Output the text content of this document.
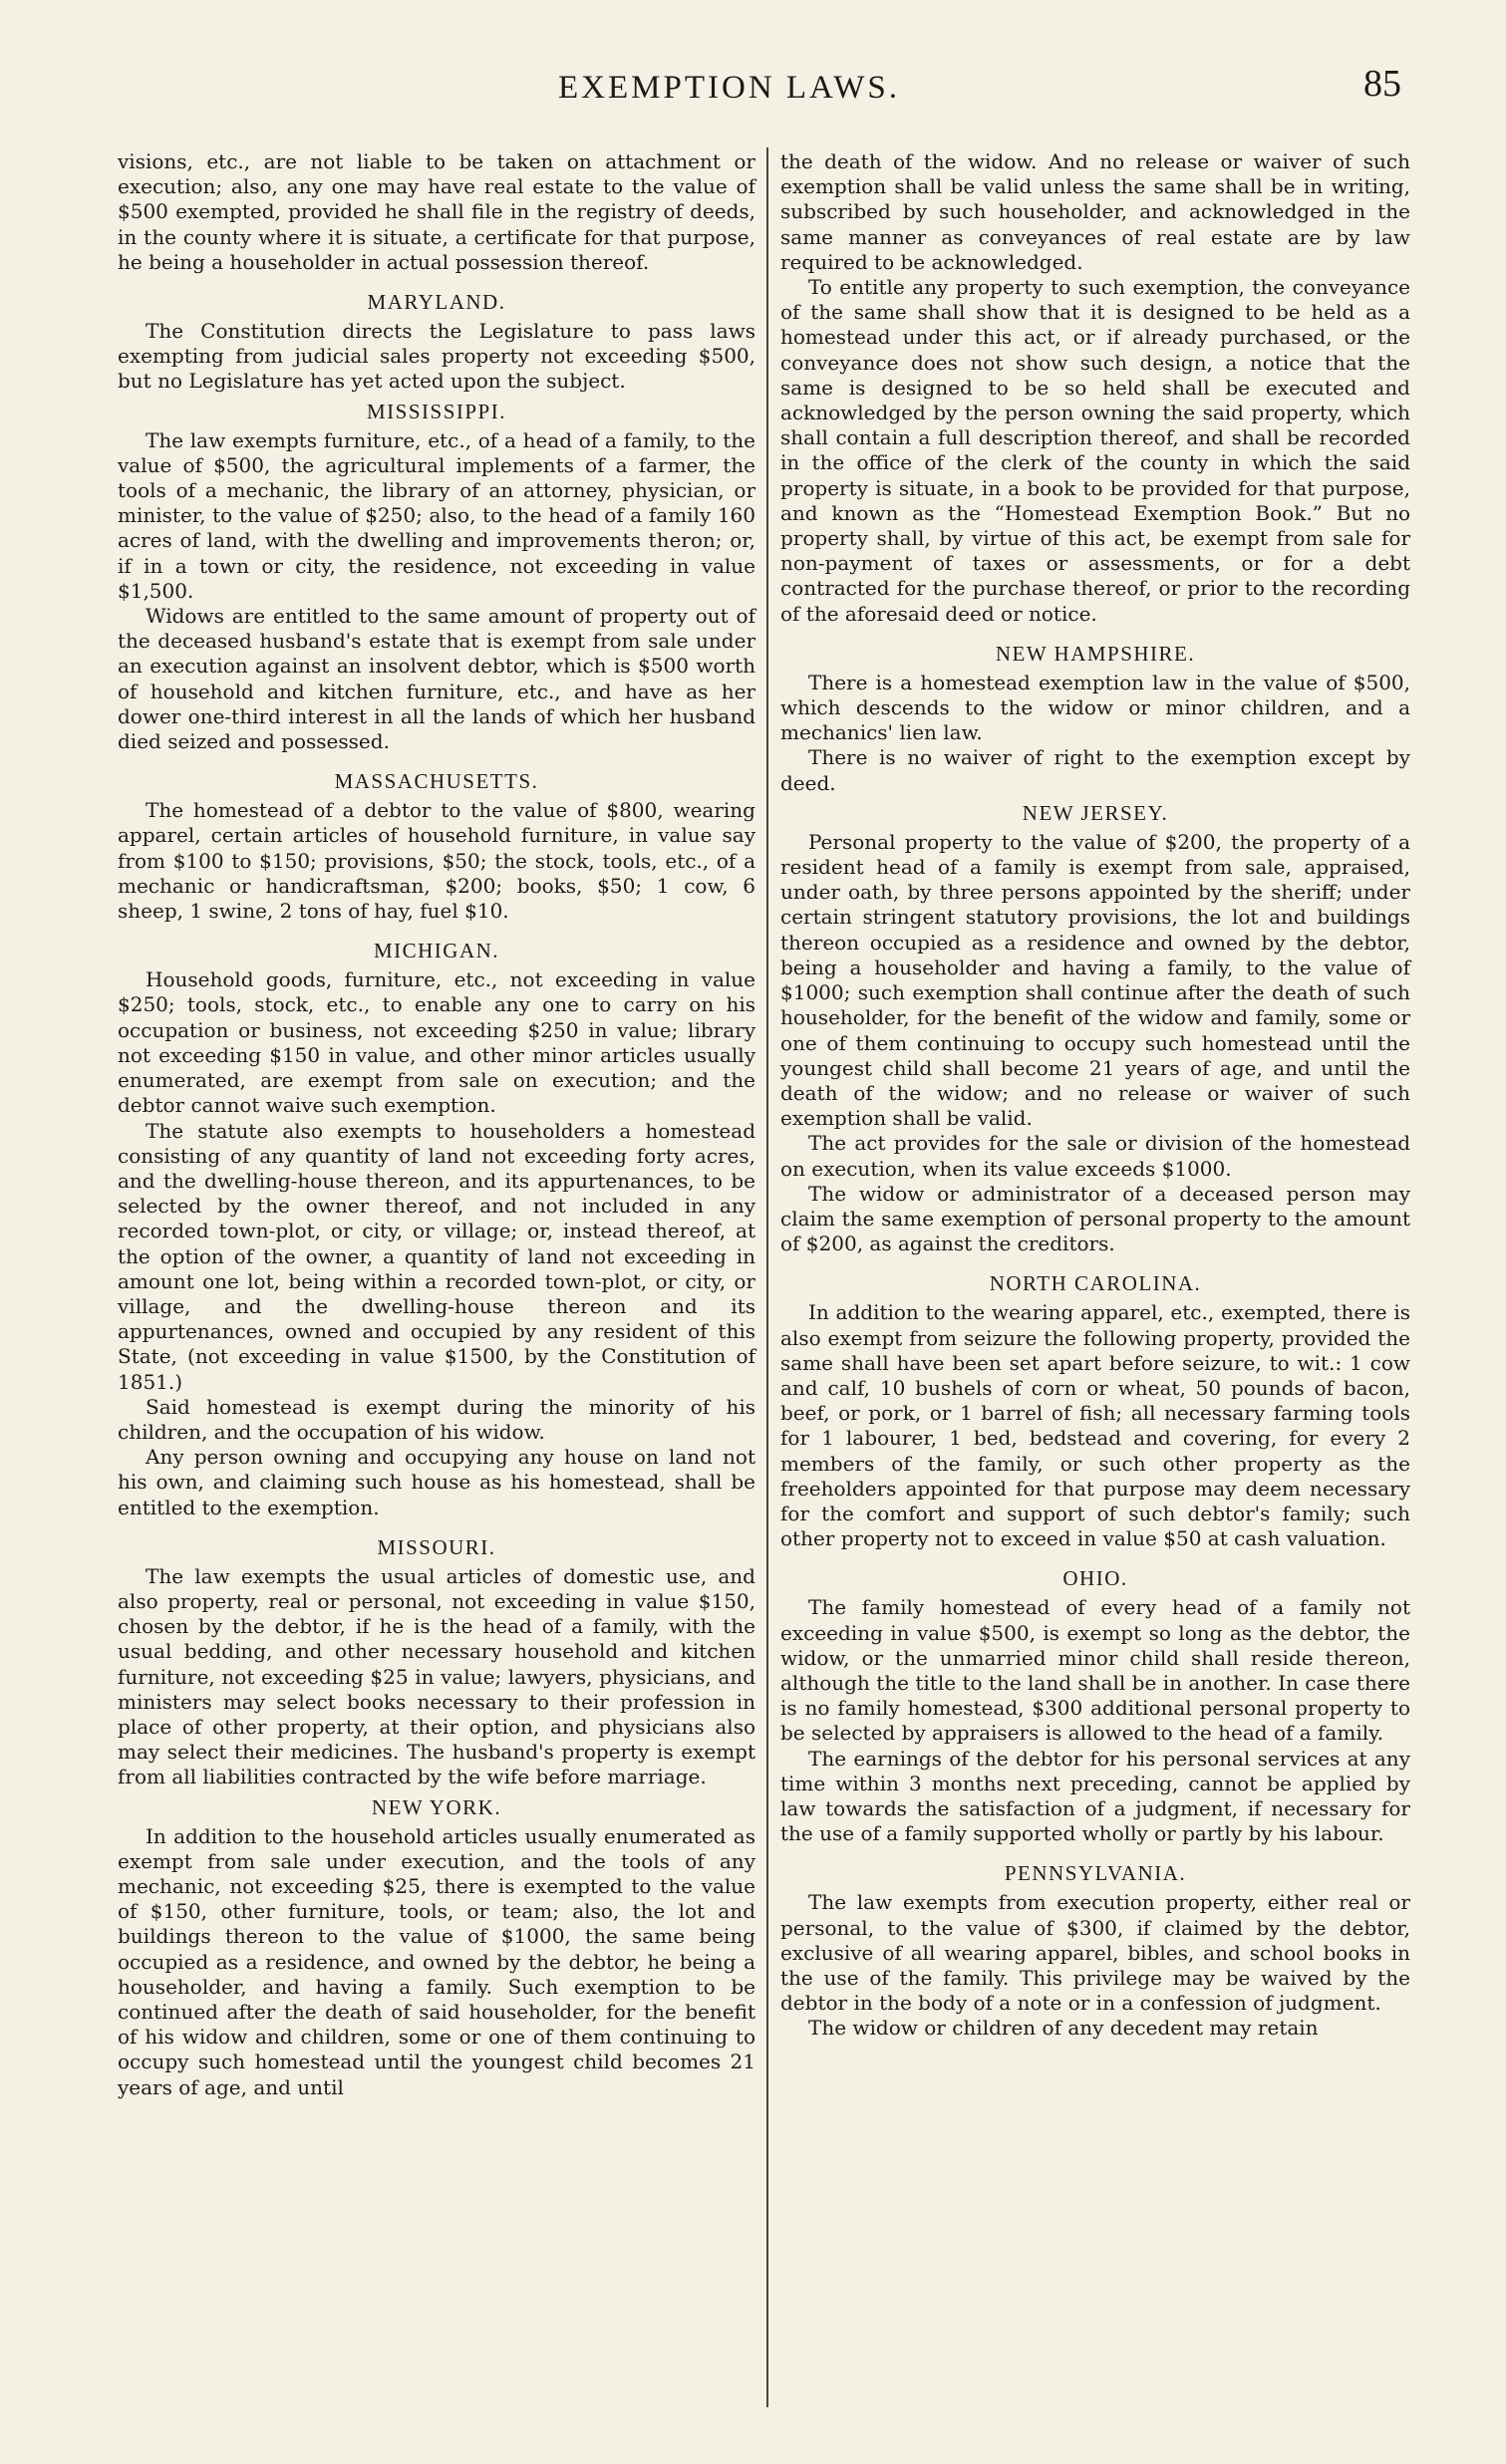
EXEMPTION LAWS.	85

visions, etc., are not liable to be taken on attachment or execution; also, any one may have real estate to the value of $500 exempted, provided he shall file in the registry of deeds, in the county where it is situate, a certificate for that purpose, he being a householder in actual possession thereof.

MARYLAND.

The Constitution directs the Legislature to pass laws exempting from judicial sales property not exceeding $500, but no Legislature has yet acted upon the subject.

MISSISSIPPI.

The law exempts furniture, etc., of a head of a family, to the value of $500, the agricultural implements of a farmer, the tools of a mechanic, the library of an attorney, physician, or minister, to the value of $250; also, to the head of a family 160 acres of land, with the dwelling and improvements theron; or, if in a town or city, the residence, not exceeding in value $1,500.

Widows are entitled to the same amount of property out of the deceased husband's estate that is exempt from sale under an execution against an insolvent debtor, which is $500 worth of household and kitchen furniture, etc., and have as her dower one-third interest in all the lands of which her husband died seized and possessed.

MASSACHUSETTS.

The homestead of a debtor to the value of $800, wearing apparel, certain articles of household furniture, in value say from $100 to $150; provisions, $50; the stock, tools, etc., of a mechanic or handicraftsman, $200; books, $50; 1 cow, 6 sheep, 1 swine, 2 tons of hay, fuel $10.

MICHIGAN.

Household goods, furniture, etc., not exceeding in value $250; tools, stock, etc., to enable any one to carry on his occupation or business, not exceeding $250 in value; library not exceeding $150 in value, and other minor articles usually enumerated, are exempt from sale on execution; and the debtor cannot waive such exemption.

The statute also exempts to householders a homestead consisting of any quantity of land not exceeding forty acres, and the dwelling-house thereon, and its appurtenances, to be selected by the owner thereof, and not included in any recorded town-plot, or city, or village; or, instead thereof, at the option of the owner, a quantity of land not exceeding in amount one lot, being within a recorded town-plot, or city, or village, and the dwelling-house thereon and its appurtenances, owned and occupied by any resident of this State, (not exceeding in value $1500, by the Constitution of 1851.)

Said homestead is exempt during the minority of his children, and the occupation of his widow.

Any person owning and occupying any house on land not his own, and claiming such house as his homestead, shall be entitled to the exemption.

MISSOURI.

The law exempts the usual articles of domestic use, and also property, real or personal, not exceeding in value $150, chosen by the debtor, if he is the head of a family, with the usual bedding, and other necessary household and kitchen furniture, not exceeding $25 in value; lawyers, physicians, and ministers may select books necessary to their profession in place of other property, at their option, and physicians also may select their medicines. The husband's property is exempt from all liabilities contracted by the wife before marriage.

NEW YORK.

In addition to the household articles usually enumerated as exempt from sale under execution, and the tools of any mechanic, not exceeding $25, there is exempted to the value of $150, other furniture, tools, or team; also, the lot and buildings thereon to the value of $1000, the same being occupied as a residence, and owned by the debtor, he being a householder, and having a family. Such exemption to be continued after the death of said householder, for the benefit of his widow and children, some or one of them continuing to occupy such homestead until the youngest child becomes 21 years of age, and until

the death of the widow. And no release or waiver of such exemption shall be valid unless the same shall be in writing, subscribed by such householder, and acknowledged in the same manner as conveyances of real estate are by law required to be acknowledged.

To entitle any property to such exemption, the conveyance of the same shall show that it is designed to be held as a homestead under this act, or if already purchased, or the conveyance does not show such design, a notice that the same is designed to be so held shall be executed and acknowledged by the person owning the said property, which shall contain a full description thereof, and shall be recorded in the office of the clerk of the county in which the said property is situate, in a book to be provided for that purpose, and known as the “Homestead Exemption Book.” But no property shall, by virtue of this act, be exempt from sale for non-payment of taxes or assessments, or for a debt contracted for the purchase thereof, or prior to the recording of the aforesaid deed or notice.

NEW HAMPSHIRE.

There is a homestead exemption law in the value of $500, which descends to the widow or minor children, and a mechanics' lien law.

There is no waiver of right to the exemption except by deed.

NEW JERSEY.

Personal property to the value of $200, the property of a resident head of a family is exempt from sale, appraised, under oath, by three persons appointed by the sheriff; under certain stringent statutory provisions, the lot and buildings thereon occupied as a residence and owned by the debtor, being a householder and having a family, to the value of $1000; such exemption shall continue after the death of such householder, for the benefit of the widow and family, some or one of them continuing to occupy such homestead until the youngest child shall become 21 years of age, and until the death of the widow; and no release or waiver of such exemption shall be valid.

The act provides for the sale or division of the homestead on execution, when its value exceeds $1000.

The widow or administrator of a deceased person may claim the same exemption of personal property to the amount of $200, as against the creditors.

NORTH CAROLINA.

In addition to the wearing apparel, etc., exempted, there is also exempt from seizure the following property, provided the same shall have been set apart before seizure, to wit.: 1 cow and calf, 10 bushels of corn or wheat, 50 pounds of bacon, beef, or pork, or 1 barrel of fish; all necessary farming tools for 1 labourer, 1 bed, bedstead and covering, for every 2 members of the family, or such other property as the freeholders appointed for that purpose may deem necessary for the comfort and support of such debtor's family; such other property not to exceed in value $50 at cash valuation.

OHIO.

The family homestead of every head of a family not exceeding in value $500, is exempt so long as the debtor, the widow, or the unmarried minor child shall reside thereon, although the title to the land shall be in another. In case there is no family homestead, $300 additional personal property to be selected by appraisers is allowed to the head of a family.

The earnings of the debtor for his personal services at any time within 3 months next preceding, cannot be applied by law towards the satisfaction of a judgment, if necessary for the use of a family supported wholly or partly by his labour.

PENNSYLVANIA.

The law exempts from execution property, either real or personal, to the value of $300, if claimed by the debtor, exclusive of all wearing apparel, bibles, and school books in the use of the family. This privilege may be waived by the debtor in the body of a note or in a confession of judgment.

The widow or children of any decedent may retain
